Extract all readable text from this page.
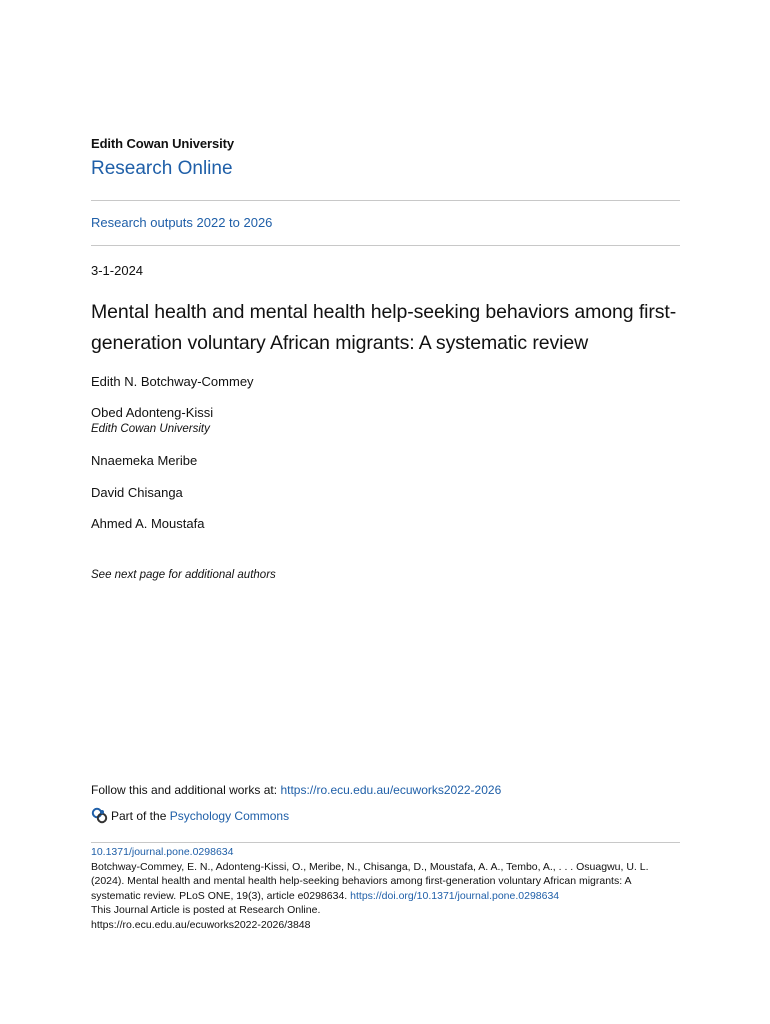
Edith Cowan University
Research Online
Research outputs 2022 to 2026
3-1-2024
Mental health and mental health help-seeking behaviors among first-generation voluntary African migrants: A systematic review
Edith N. Botchway-Commey
Obed Adonteng-Kissi
Edith Cowan University
Nnaemeka Meribe
David Chisanga
Ahmed A. Moustafa
See next page for additional authors
Follow this and additional works at: https://ro.ecu.edu.au/ecuworks2022-2026
Part of the
Psychology Commons
10.1371/journal.pone.0298634
Botchway-Commey, E. N., Adonteng-Kissi, O., Meribe, N., Chisanga, D., Moustafa, A. A., Tembo, A., . . . Osuagwu, U. L. (2024). Mental health and mental health help-seeking behaviors among first-generation voluntary African migrants: A systematic review. PLoS ONE, 19(3), article e0298634. https://doi.org/10.1371/journal.pone.0298634
This Journal Article is posted at Research Online.
https://ro.ecu.edu.au/ecuworks2022-2026/3848
